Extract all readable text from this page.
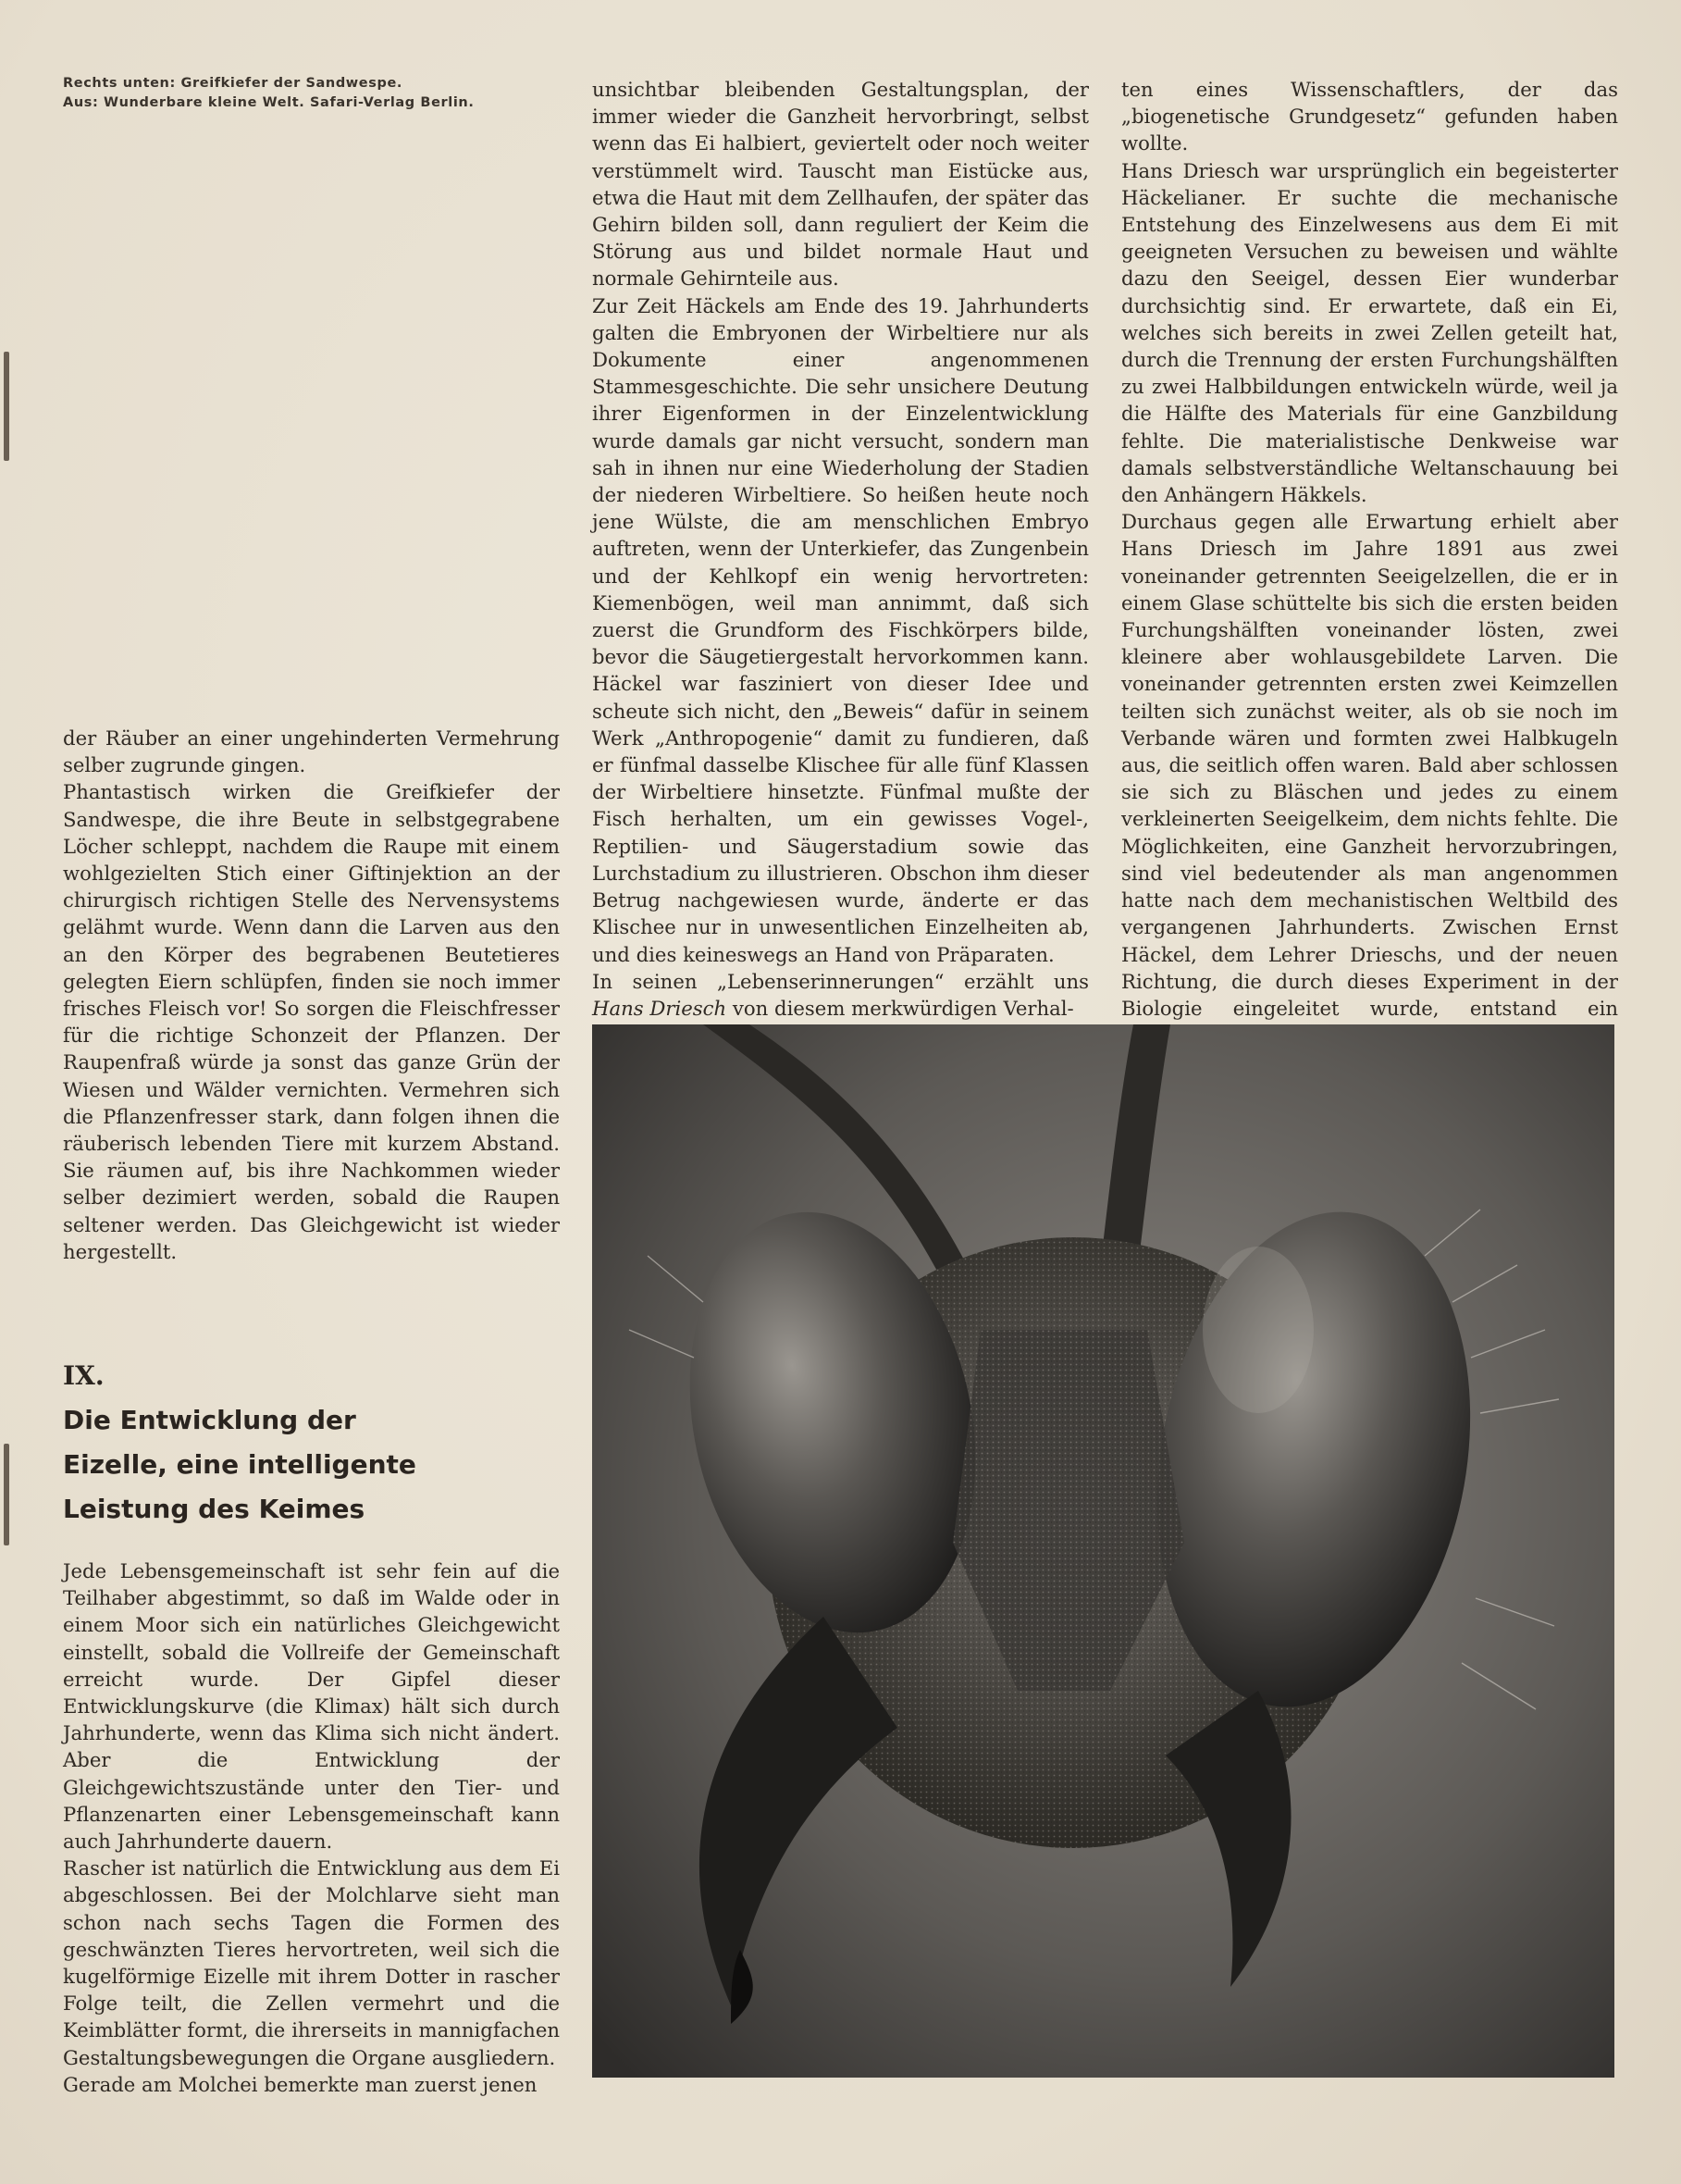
Rechts unten: Greifkiefer der Sandwespe.

Aus: Wunderbare kleine Welt. Safari-Verlag Berlin.

der Räuber an einer ungehinderten Vermehrung selber zugrunde gingen.

Phantastisch wirken die Greifkiefer der Sandwespe, die ihre Beute in selbstgegrabene Löcher schleppt, nachdem die Raupe mit einem wohlgezielten Stich einer Giftinjektion an der chirurgisch richtigen Stelle des Nervensystems gelähmt wurde. Wenn dann die Larven aus den an den Körper des begrabenen Beutetieres gelegten Eiern schlüpfen, finden sie noch immer frisches Fleisch vor! So sorgen die Fleischfresser für die richtige Schonzeit der Pflanzen. Der Raupenfraß würde ja sonst das ganze Grün der Wiesen und Wälder vernichten. Vermehren sich die Pflanzenfresser stark, dann folgen ihnen die räuberisch lebenden Tiere mit kurzem Abstand. Sie räumen auf, bis ihre Nachkommen wieder selber dezimiert werden, sobald die Raupen seltener werden. Das Gleichgewicht ist wieder hergestellt.

IX.
Die Entwicklung der
Eizelle, eine intelligente
Leistung des Keimes

Jede Lebensgemeinschaft ist sehr fein auf die Teilhaber abgestimmt, so daß im Walde oder in einem Moor sich ein natürliches Gleichgewicht einstellt, sobald die Vollreife der Gemeinschaft erreicht wurde. Der Gipfel dieser Entwicklungskurve (die Klimax) hält sich durch Jahrhunderte, wenn das Klima sich nicht ändert. Aber die Entwicklung der Gleichgewichtszustände unter den Tier- und Pflanzenarten einer Lebensgemeinschaft kann auch Jahrhunderte dauern.

Rascher ist natürlich die Entwicklung aus dem Ei abgeschlossen. Bei der Molchlarve sieht man schon nach sechs Tagen die Formen des geschwänzten Tieres hervortreten, weil sich die kugelförmige Eizelle mit ihrem Dotter in rascher Folge teilt, die Zellen vermehrt und die Keimblätter formt, die ihrerseits in mannigfachen Gestaltungsbewegungen die Organe ausgliedern.

Gerade am Molchei bemerkte man zuerst jenen

unsichtbar bleibenden Gestaltungsplan, der immer wieder die Ganzheit hervorbringt, selbst wenn das Ei halbiert, geviertelt oder noch weiter verstümmelt wird. Tauscht man Eistücke aus, etwa die Haut mit dem Zellhaufen, der später das Gehirn bilden soll, dann reguliert der Keim die Störung aus und bildet normale Haut und normale Gehirnteile aus.

Zur Zeit Häckels am Ende des 19. Jahrhunderts galten die Embryonen der Wirbeltiere nur als Dokumente einer angenommenen Stammesgeschichte. Die sehr unsichere Deutung ihrer Eigenformen in der Einzelentwicklung wurde damals gar nicht versucht, sondern man sah in ihnen nur eine Wiederholung der Stadien der niederen Wirbeltiere. So heißen heute noch jene Wülste, die am menschlichen Embryo auftreten, wenn der Unterkiefer, das Zungenbein und der Kehlkopf ein wenig hervortreten: Kiemenbögen, weil man annimmt, daß sich zuerst die Grundform des Fischkörpers bilde, bevor die Säugetiergestalt hervorkommen kann. Häckel war fasziniert von dieser Idee und scheute sich nicht, den „Beweis“ dafür in seinem Werk „Anthropogenie“ damit zu fundieren, daß er fünfmal dasselbe Klischee für alle fünf Klassen der Wirbeltiere hinsetzte. Fünfmal mußte der Fisch herhalten, um ein gewisses Vogel-, Reptilien- und Säugerstadium sowie das Lurchstadium zu illustrieren. Obschon ihm dieser Betrug nachgewiesen wurde, änderte er das Klischee nur in unwesentlichen Einzelheiten ab, und dies keineswegs an Hand von Präparaten.

In seinen „Lebenserinnerungen“ erzählt uns Hans Driesch von diesem merkwürdigen Verhal-

ten eines Wissenschaftlers, der das „biogenetische Grundgesetz“ gefunden haben wollte.

Hans Driesch war ursprünglich ein begeisterter Häckelianer. Er suchte die mechanische Entstehung des Einzelwesens aus dem Ei mit geeigneten Versuchen zu beweisen und wählte dazu den Seeigel, dessen Eier wunderbar durchsichtig sind. Er erwartete, daß ein Ei, welches sich bereits in zwei Zellen geteilt hat, durch die Trennung der ersten Furchungshälften zu zwei Halbbildungen entwickeln würde, weil ja die Hälfte des Materials für eine Ganzbildung fehlte. Die materialistische Denkweise war damals selbstverständliche Weltanschauung bei den Anhängern Häkkels.

Durchaus gegen alle Erwartung erhielt aber Hans Driesch im Jahre 1891 aus zwei voneinander getrennten Seeigelzellen, die er in einem Glase schüttelte bis sich die ersten beiden Furchungshälften voneinander lösten, zwei kleinere aber wohlausgebildete Larven. Die voneinander getrennten ersten zwei Keimzellen teilten sich zunächst weiter, als ob sie noch im Verbande wären und formten zwei Halbkugeln aus, die seitlich offen waren. Bald aber schlossen sie sich zu Bläschen und jedes zu einem verkleinerten Seeigelkeim, dem nichts fehlte. Die Möglichkeiten, eine Ganzheit hervorzubringen, sind viel bedeutender als man angenommen hatte nach dem mechanistischen Weltbild des vergangenen Jahrhunderts. Zwischen Ernst Häckel, dem Lehrer Drieschs, und der neuen Richtung, die durch dieses Experiment in der Biologie eingeleitet wurde, entstand ein
